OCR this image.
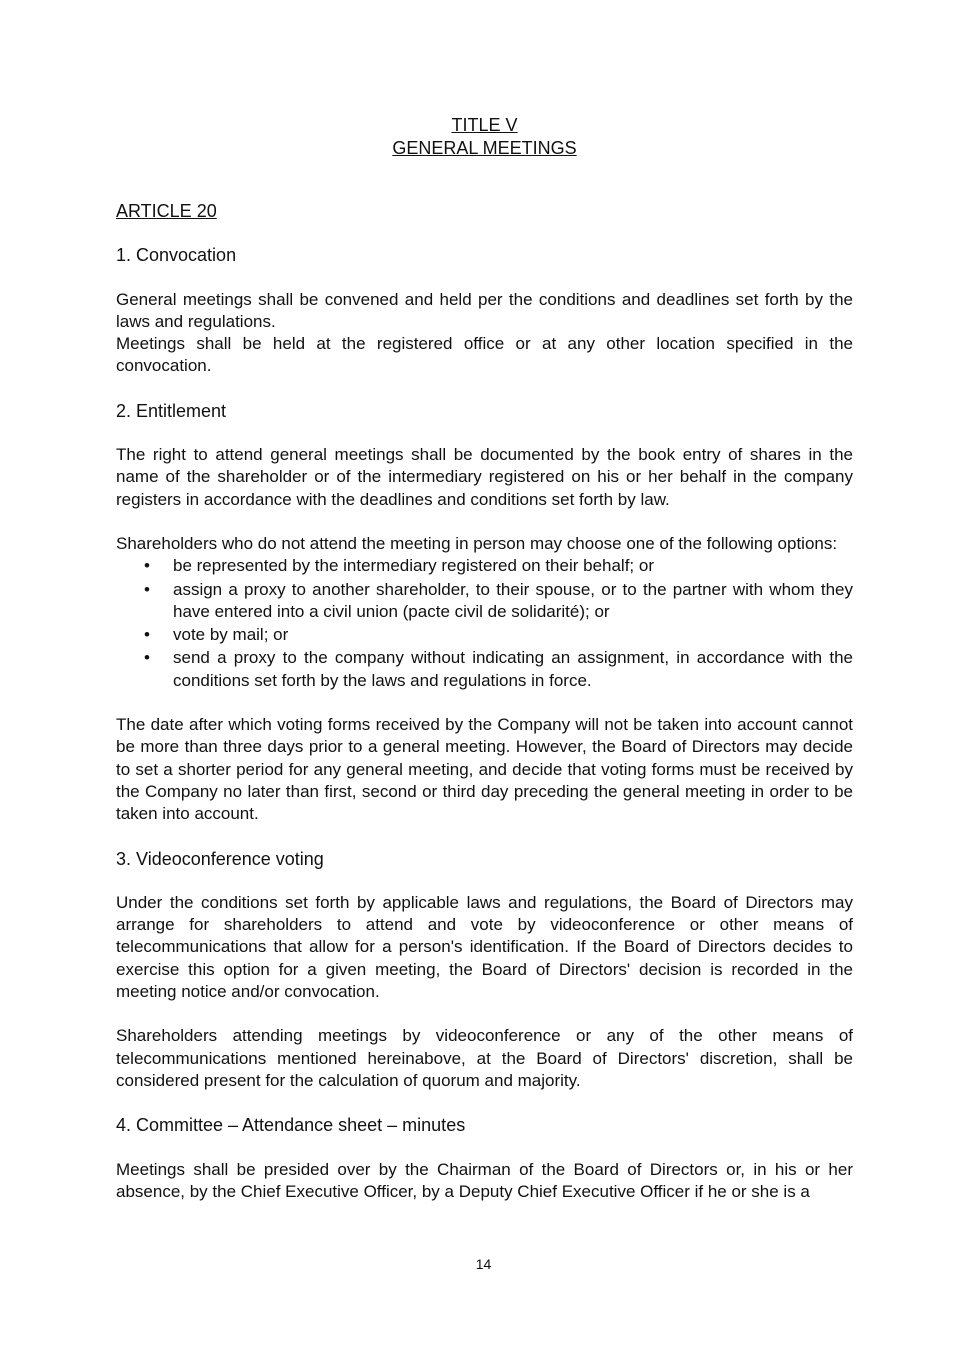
TITLE V
GENERAL MEETINGS
ARTICLE 20
1. Convocation

General meetings shall be convened and held per the conditions and deadlines set forth by the laws and regulations.

Meetings shall be held at the registered office or at any other location specified in the convocation.

2. Entitlement

The right to attend general meetings shall be documented by the book entry of shares in the name of the shareholder or of the intermediary registered on his or her behalf in the company registers in accordance with the deadlines and conditions set forth by law.

Shareholders who do not attend the meeting in person may choose one of the following options:

• be represented by the intermediary registered on their behalf; or
• assign a proxy to another shareholder, to their spouse, or to the partner with whom they have entered into a civil union (pacte civil de solidarité); or
• vote by mail; or
• send a proxy to the company without indicating an assignment, in accordance with the conditions set forth by the laws and regulations in force.

The date after which voting forms received by the Company will not be taken into account cannot be more than three days prior to a general meeting. However, the Board of Directors may decide to set a shorter period for any general meeting, and decide that voting forms must be received by the Company no later than first, second or third day preceding the general meeting in order to be taken into account.

3. Videoconference voting

Under the conditions set forth by applicable laws and regulations, the Board of Directors may arrange for shareholders to attend and vote by videoconference or other means of telecommunications that allow for a person's identification. If the Board of Directors decides to exercise this option for a given meeting, the Board of Directors' decision is recorded in the meeting notice and/or convocation.

Shareholders attending meetings by videoconference or any of the other means of telecommunications mentioned hereinabove, at the Board of Directors' discretion, shall be considered present for the calculation of quorum and majority.

4. Committee – Attendance sheet – minutes

Meetings shall be presided over by the Chairman of the Board of Directors or, in his or her absence, by the Chief Executive Officer, by a Deputy Chief Executive Officer if he or she is a

14
